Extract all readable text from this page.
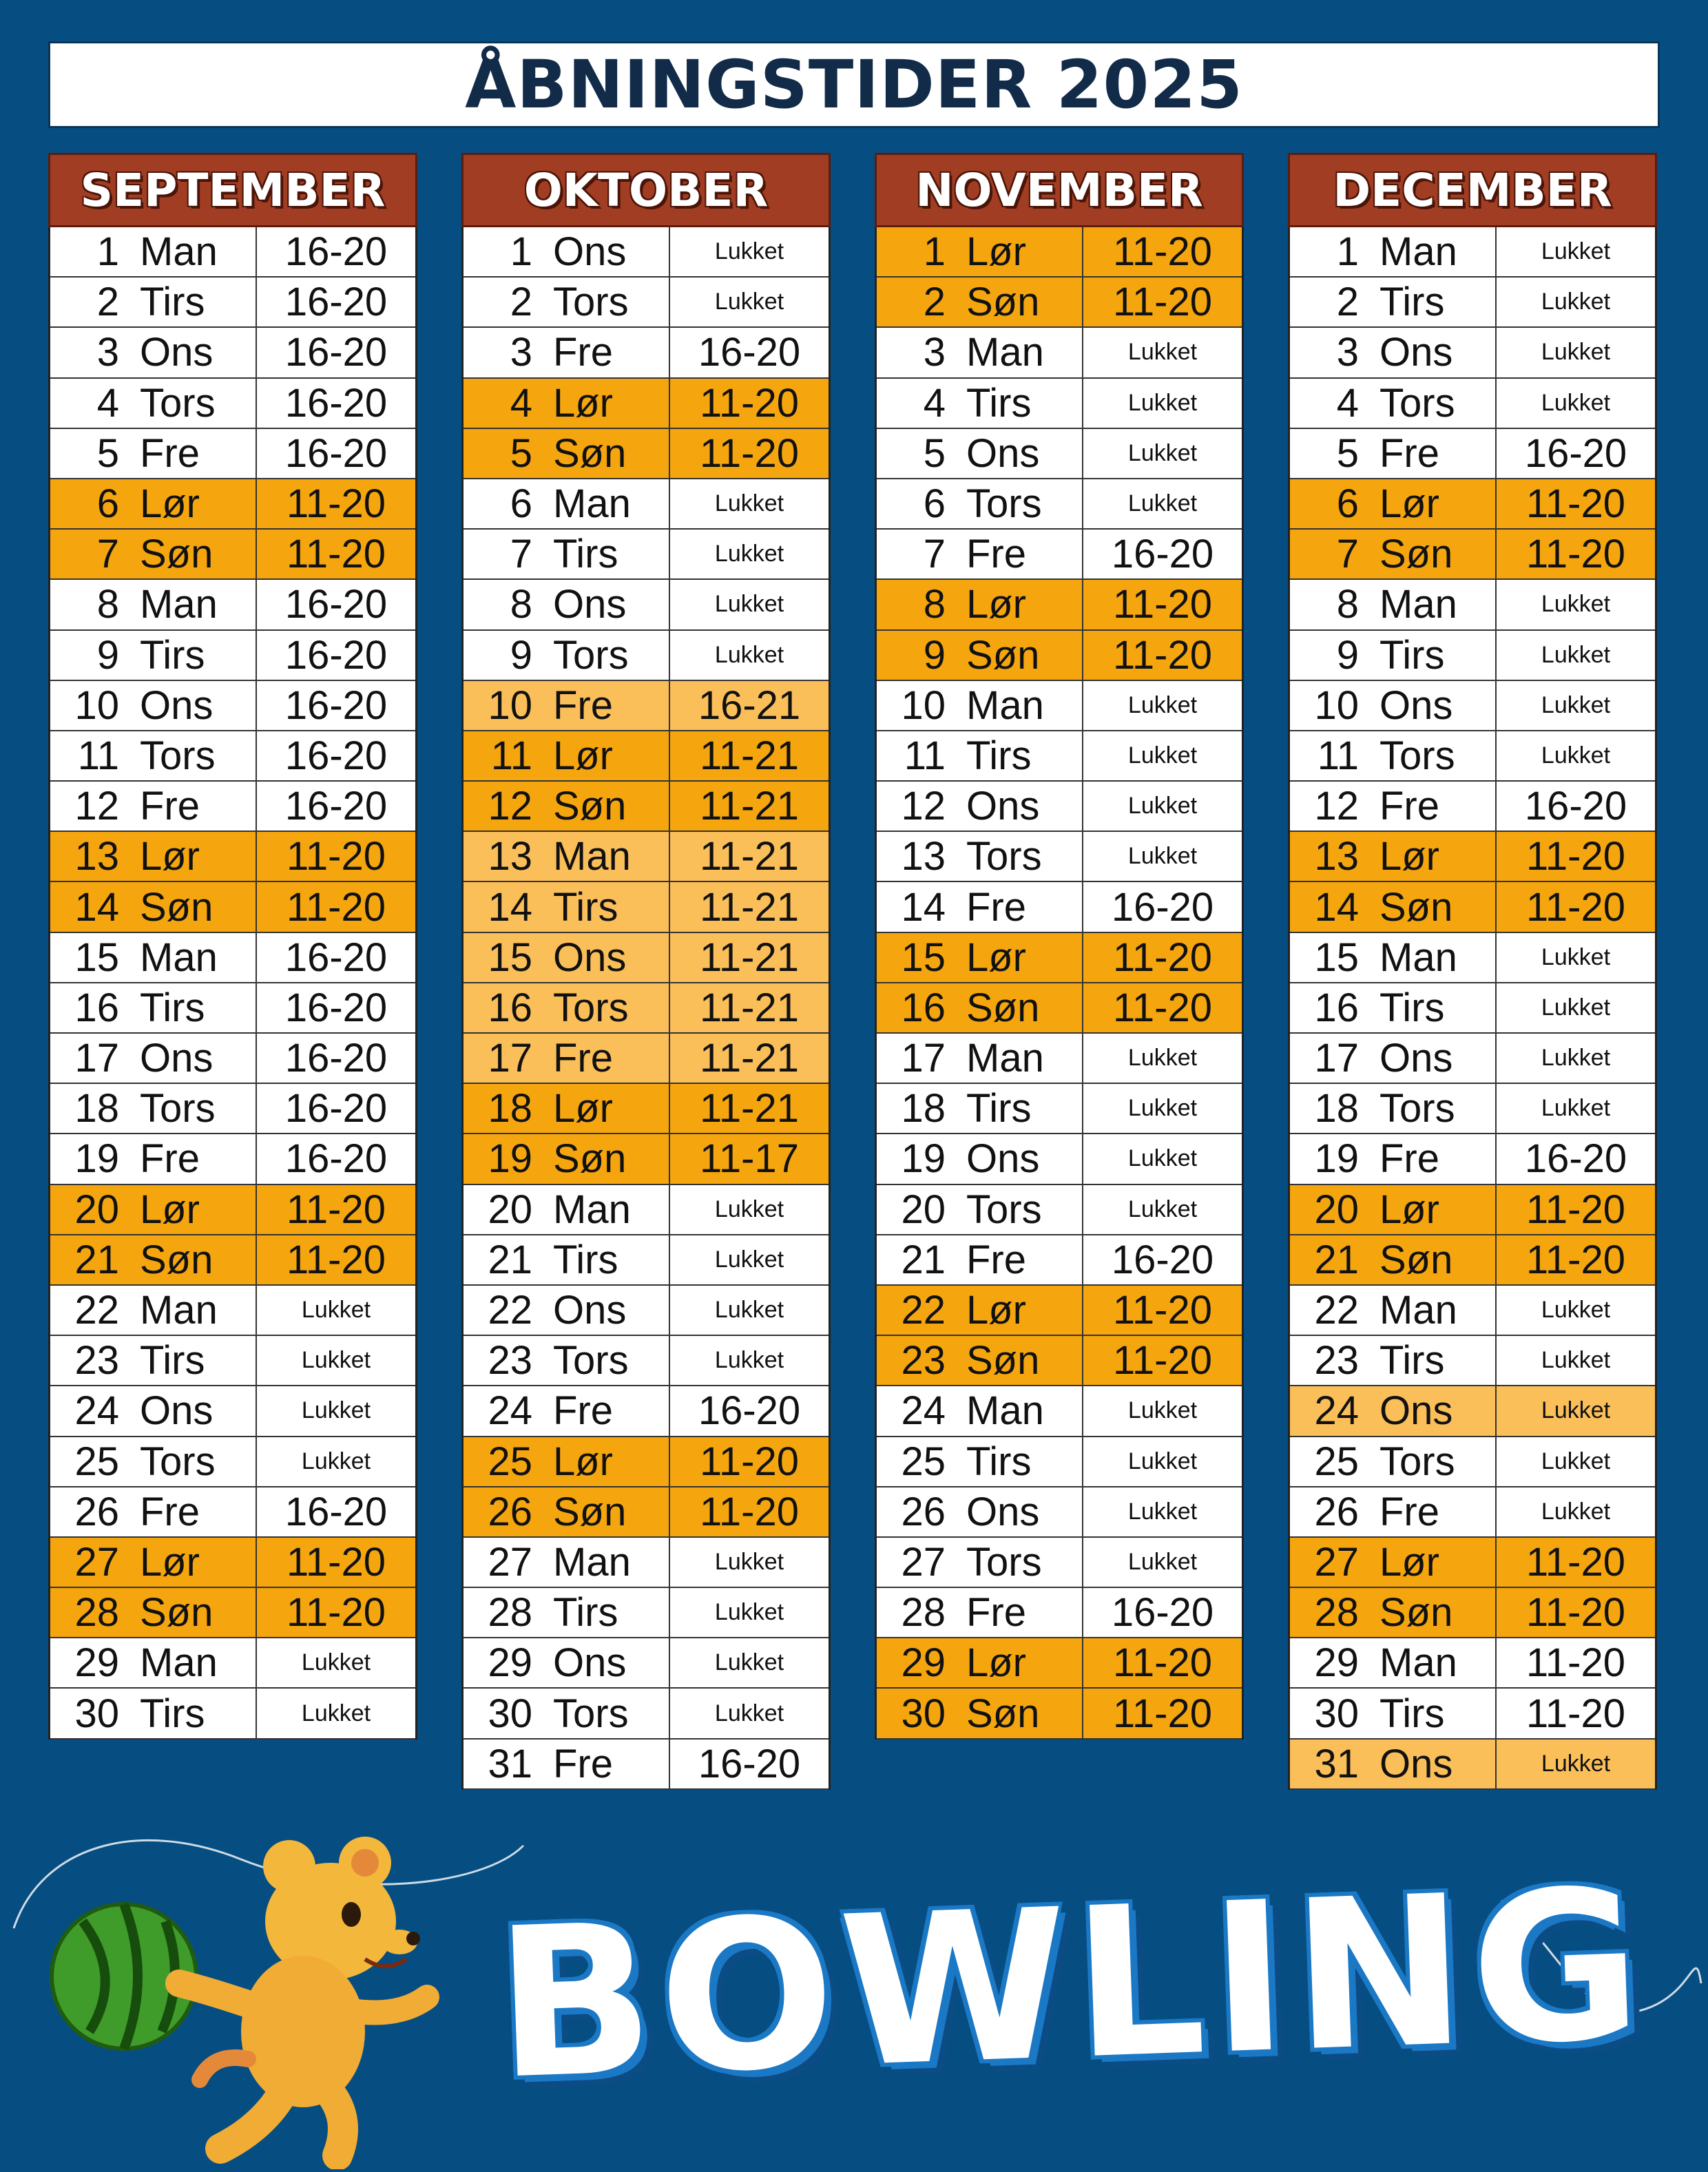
ÅBNINGSTIDER 2025
SEPTEMBER
1 Man	16-20
2 Tirs	16-20
3 Ons	16-20
4 Tors	16-20
5 Fre	16-20
6 Lør	11-20
7 Søn	11-20
8 Man	16-20
9 Tirs	16-20
10 Ons	16-20
11 Tors	16-20
12 Fre	16-20
13 Lør	11-20
14 Søn	11-20
15 Man	16-20
16 Tirs	16-20
17 Ons	16-20
18 Tors	16-20
19 Fre	16-20
20 Lør	11-20
21 Søn	11-20
22 Man	Lukket
23 Tirs	Lukket
24 Ons	Lukket
25 Tors	Lukket
26 Fre	16-20
27 Lør	11-20
28 Søn	11-20
29 Man	Lukket
30 Tirs	Lukket
OKTOBER
1 Ons	Lukket
2 Tors	Lukket
3 Fre	16-20
4 Lør	11-20
5 Søn	11-20
6 Man	Lukket
7 Tirs	Lukket
8 Ons	Lukket
9 Tors	Lukket
10 Fre	16-21
11 Lør	11-21
12 Søn	11-21
13 Man	11-21
14 Tirs	11-21
15 Ons	11-21
16 Tors	11-21
17 Fre	11-21
18 Lør	11-21
19 Søn	11-17
20 Man	Lukket
21 Tirs	Lukket
22 Ons	Lukket
23 Tors	Lukket
24 Fre	16-20
25 Lør	11-20
26 Søn	11-20
27 Man	Lukket
28 Tirs	Lukket
29 Ons	Lukket
30 Tors	Lukket
31 Fre	16-20
NOVEMBER
1 Lør	11-20
2 Søn	11-20
3 Man	Lukket
4 Tirs	Lukket
5 Ons	Lukket
6 Tors	Lukket
7 Fre	16-20
8 Lør	11-20
9 Søn	11-20
10 Man	Lukket
11 Tirs	Lukket
12 Ons	Lukket
13 Tors	Lukket
14 Fre	16-20
15 Lør	11-20
16 Søn	11-20
17 Man	Lukket
18 Tirs	Lukket
19 Ons	Lukket
20 Tors	Lukket
21 Fre	16-20
22 Lør	11-20
23 Søn	11-20
24 Man	Lukket
25 Tirs	Lukket
26 Ons	Lukket
27 Tors	Lukket
28 Fre	16-20
29 Lør	11-20
30 Søn	11-20
DECEMBER
1 Man	Lukket
2 Tirs	Lukket
3 Ons	Lukket
4 Tors	Lukket
5 Fre	16-20
6 Lør	11-20
7 Søn	11-20
8 Man	Lukket
9 Tirs	Lukket
10 Ons	Lukket
11 Tors	Lukket
12 Fre	16-20
13 Lør	11-20
14 Søn	11-20
15 Man	Lukket
16 Tirs	Lukket
17 Ons	Lukket
18 Tors	Lukket
19 Fre	16-20
20 Lør	11-20
21 Søn	11-20
22 Man	Lukket
23 Tirs	Lukket
24 Ons	Lukket
25 Tors	Lukket
26 Fre	Lukket
27 Lør	11-20
28 Søn	11-20
29 Man	11-20
30 Tirs	11-20
31 Ons	Lukket
BOWLING
